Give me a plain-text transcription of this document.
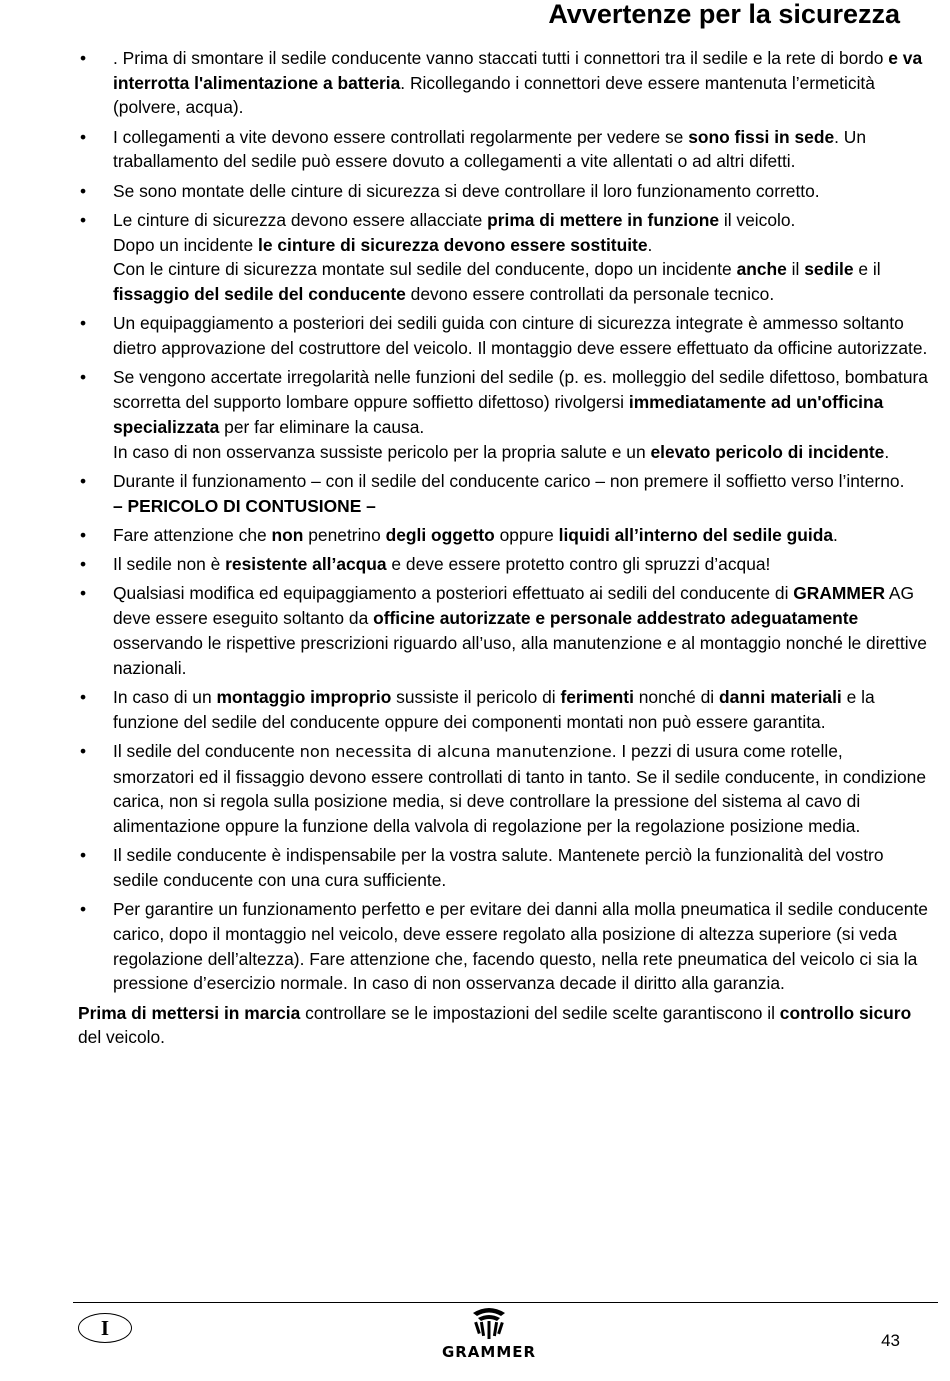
Avvertenze per la sicurezza
• . Prima di smontare il sedile conducente vanno staccati tutti i connettori tra il sedile e la rete di bordo e va interrotta l'alimentazione a batteria. Ricollegando i connettori deve essere mantenuta l’ermeticità (polvere, acqua).
• I collegamenti a vite devono essere controllati regolarmente per vedere se sono fissi in sede. Un traballamento del sedile può essere dovuto a collegamenti a vite allentati o ad altri difetti.
• Se sono montate delle cinture di sicurezza si deve controllare il loro funzionamento corretto.
• Le cinture di sicurezza devono essere allacciate prima di mettere in funzione il veicolo.
Dopo un incidente le cinture di sicurezza devono essere sostituite.
Con le cinture di sicurezza montate sul sedile del conducente, dopo un incidente anche il sedile e il fissaggio del sedile del conducente devono essere controllati da personale tecnico.
• Un equipaggiamento a posteriori dei sedili guida con cinture di sicurezza integrate è ammesso soltanto dietro approvazione del costruttore del veicolo. Il montaggio deve essere effettuato da officine autorizzate.
• Se vengono accertate irregolarità nelle funzioni del sedile (p. es. molleggio del sedile difettoso, bombatura scorretta del supporto lombare oppure soffietto difettoso) rivolgersi immediatamente ad un'officina specializzata per far eliminare la causa.
In caso di non osservanza sussiste pericolo per la propria salute e un elevato pericolo di incidente.
• Durante il funzionamento – con il sedile del conducente carico – non premere il soffietto verso l’interno.
– PERICOLO DI CONTUSIONE –
• Fare attenzione che non penetrino degli oggetto oppure liquidi all’interno del sedile guida.
• Il sedile non è resistente all’acqua e deve essere protetto contro gli spruzzi d’acqua!
• Qualsiasi modifica ed equipaggiamento a posteriori effettuato ai sedili del conducente di GRAMMER AG deve essere eseguito soltanto da officine autorizzate e personale addestrato adeguatamente osservando le rispettive prescrizioni riguardo all’uso, alla manutenzione e al montaggio nonché le direttive nazionali.
• In caso di un montaggio improprio sussiste il pericolo di ferimenti nonché di danni materiali e la funzione del sedile del conducente oppure dei componenti montati non può essere garantita.
• Il sedile del conducente non necessita di alcuna manutenzione. I pezzi di usura come rotelle, smorzatori ed il fissaggio devono essere controllati di tanto in tanto. Se il sedile conducente, in condizione carica, non si regola sulla posizione media, si deve controllare la pressione del sistema al cavo di alimentazione oppure la funzione della valvola di regolazione per la regolazione posizione media.
• Il sedile conducente è indispensabile per la vostra salute. Mantenete perciò la funzionalità del vostro sedile conducente con una cura sufficiente.
• Per garantire un funzionamento perfetto e per evitare dei danni alla molla pneumatica il sedile conducente carico, dopo il montaggio nel veicolo, deve essere regolato alla posizione di altezza superiore (si veda regolazione dell’altezza). Fare attenzione che, facendo questo, nella rete pneumatica del veicolo ci sia la pressione d’esercizio normale. In caso di non osservanza decade il diritto alla garanzia.

Prima di mettersi in marcia controllare se le impostazioni del sedile scelte garantiscono il controllo sicuro del veicolo.

I
GRAMMER
43
